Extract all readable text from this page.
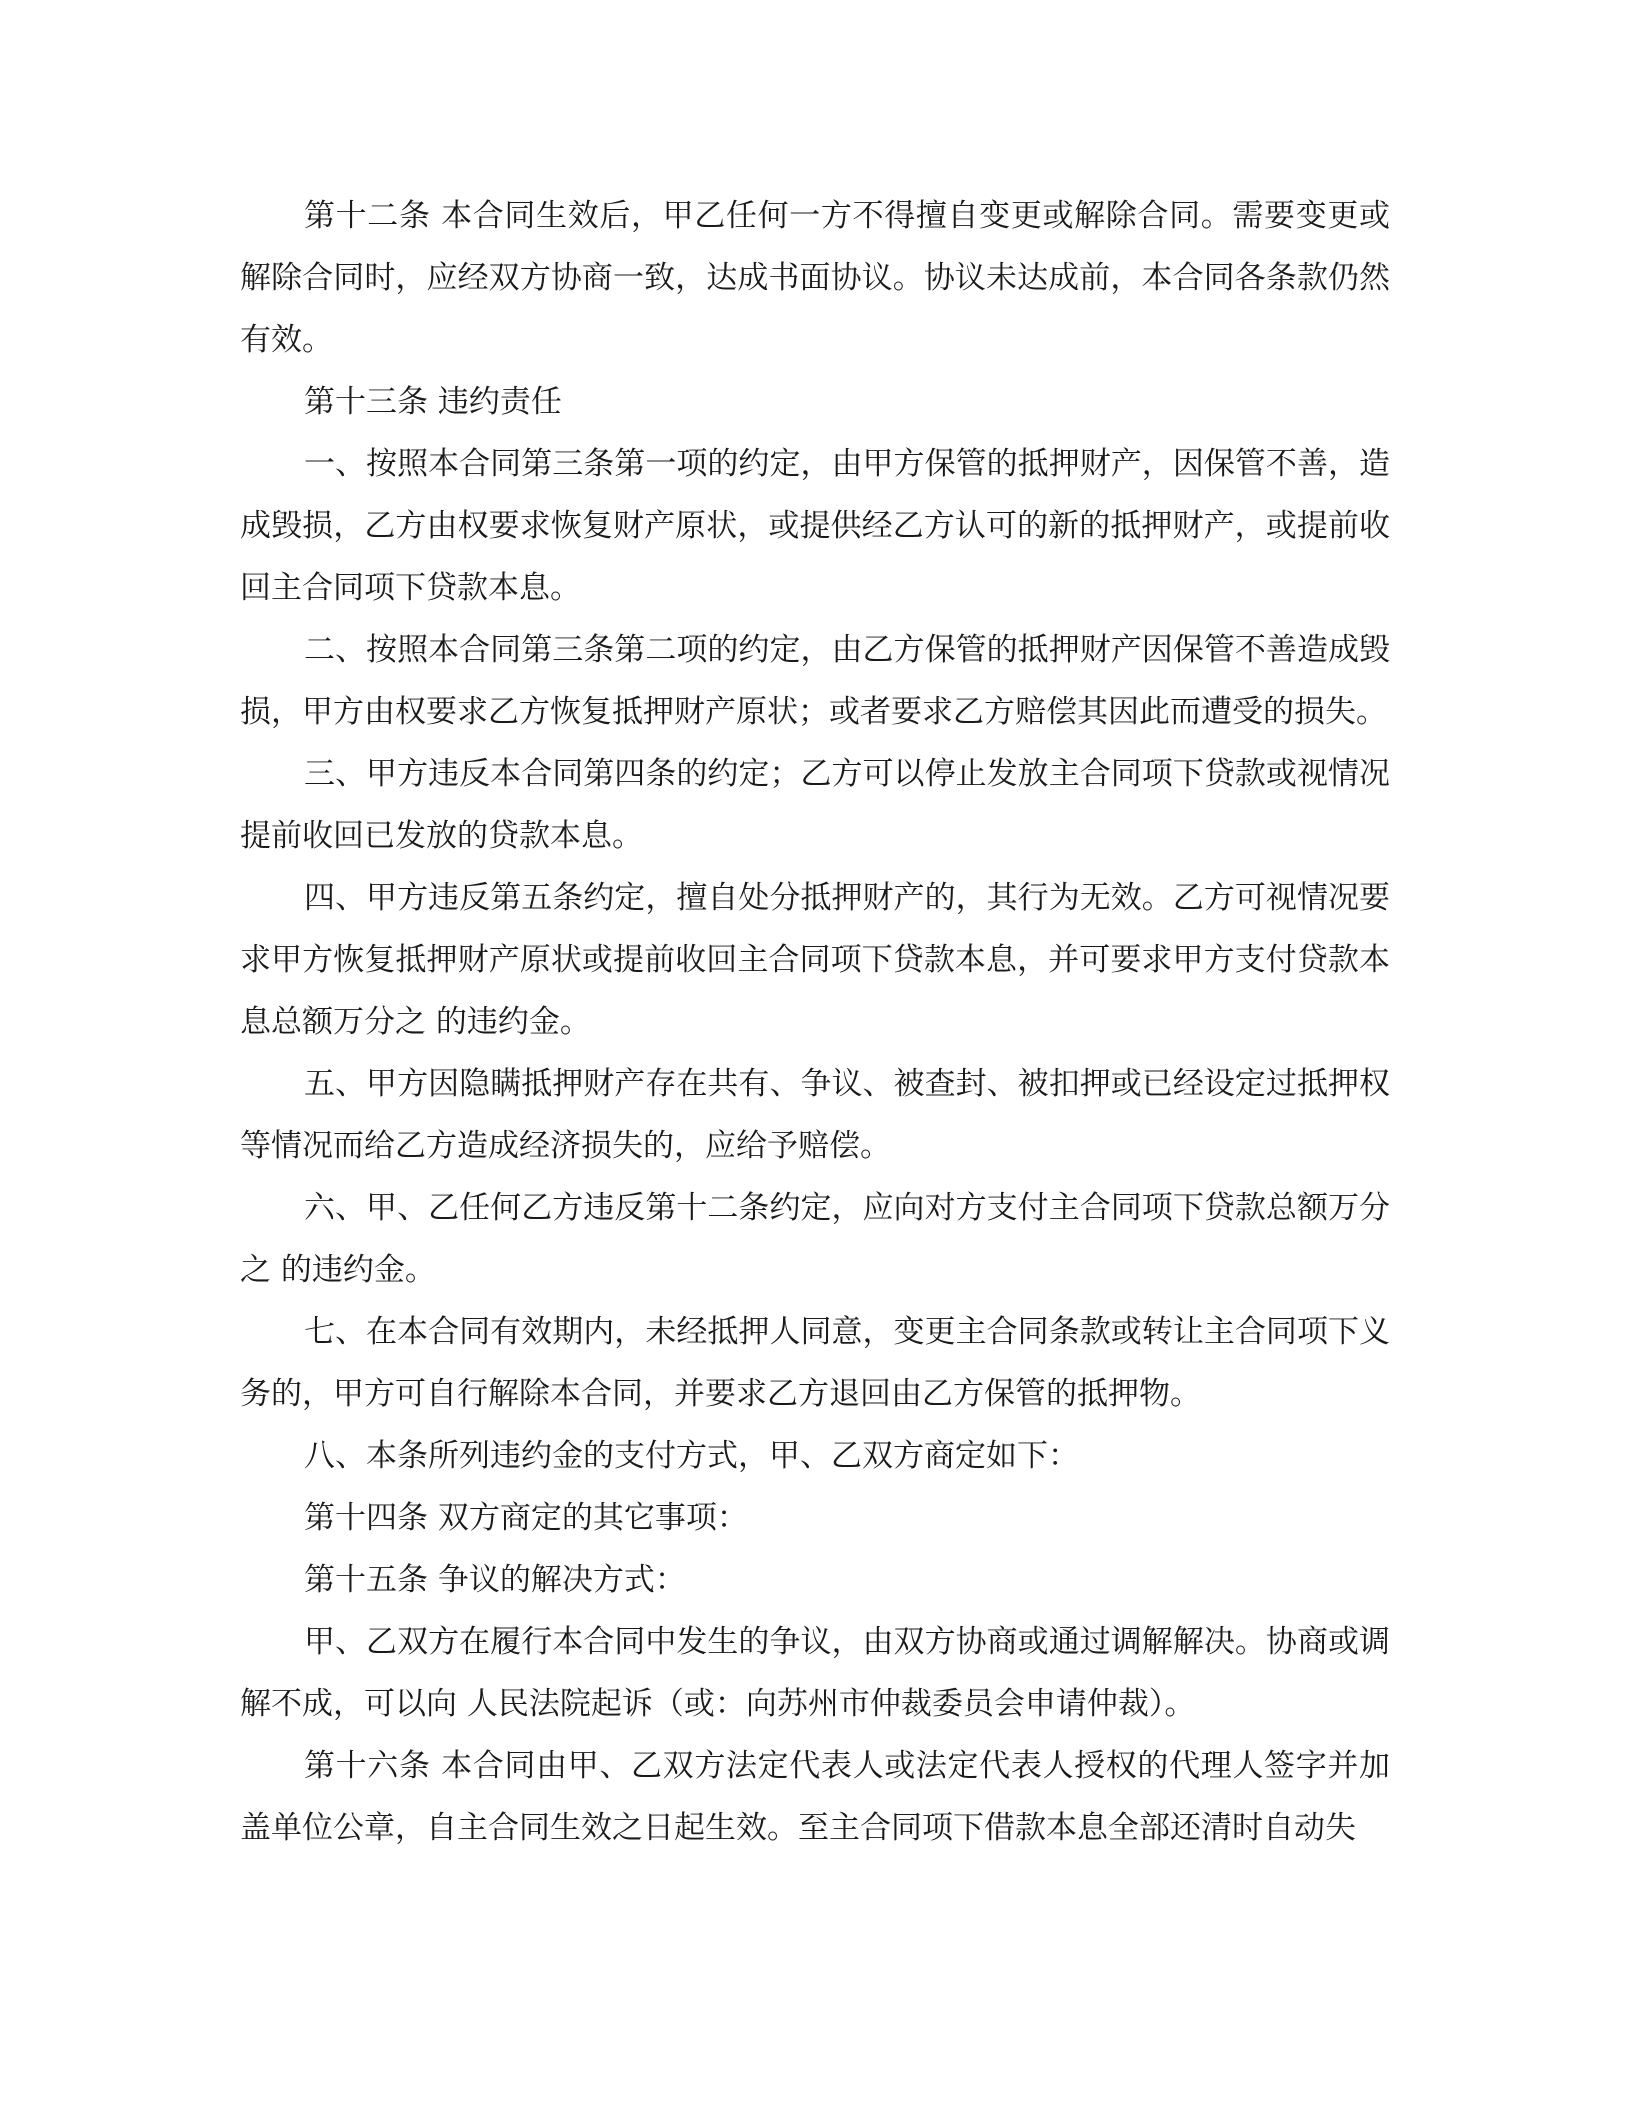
第十二条 本合同生效后，甲乙任何一方不得擅自变更或解除合同。需要变更或解除合同时，应经双方协商一致，达成书面协议。协议未达成前，本合同各条款仍然有效。

第十三条 违约责任

一、按照本合同第三条第一项的约定，由甲方保管的抵押财产，因保管不善，造成毁损，乙方由权要求恢复财产原状，或提供经乙方认可的新的抵押财产，或提前收回主合同项下贷款本息。

二、按照本合同第三条第二项的约定，由乙方保管的抵押财产因保管不善造成毁损，甲方由权要求乙方恢复抵押财产原状；或者要求乙方赔偿其因此而遭受的损失。

三、甲方违反本合同第四条的约定；乙方可以停止发放主合同项下贷款或视情况提前收回已发放的贷款本息。

四、甲方违反第五条约定，擅自处分抵押财产的，其行为无效。乙方可视情况要求甲方恢复抵押财产原状或提前收回主合同项下贷款本息，并可要求甲方支付贷款本息总额万分之 的违约金。

五、甲方因隐瞒抵押财产存在共有、争议、被查封、被扣押或已经设定过抵押权等情况而给乙方造成经济损失的，应给予赔偿。

六、甲、乙任何乙方违反第十二条约定，应向对方支付主合同项下贷款总额万分之 的违约金。

七、在本合同有效期内，未经抵押人同意，变更主合同条款或转让主合同项下义务的，甲方可自行解除本合同，并要求乙方退回由乙方保管的抵押物。

八、本条所列违约金的支付方式，甲、乙双方商定如下：

第十四条 双方商定的其它事项：

第十五条 争议的解决方式：

甲、乙双方在履行本合同中发生的争议，由双方协商或通过调解解决。协商或调解不成，可以向 人民法院起诉（或：向苏州市仲裁委员会申请仲裁）。

第十六条 本合同由甲、乙双方法定代表人或法定代表人授权的代理人签字并加盖单位公章，自主合同生效之日起生效。至主合同项下借款本息全部还清时自动失
